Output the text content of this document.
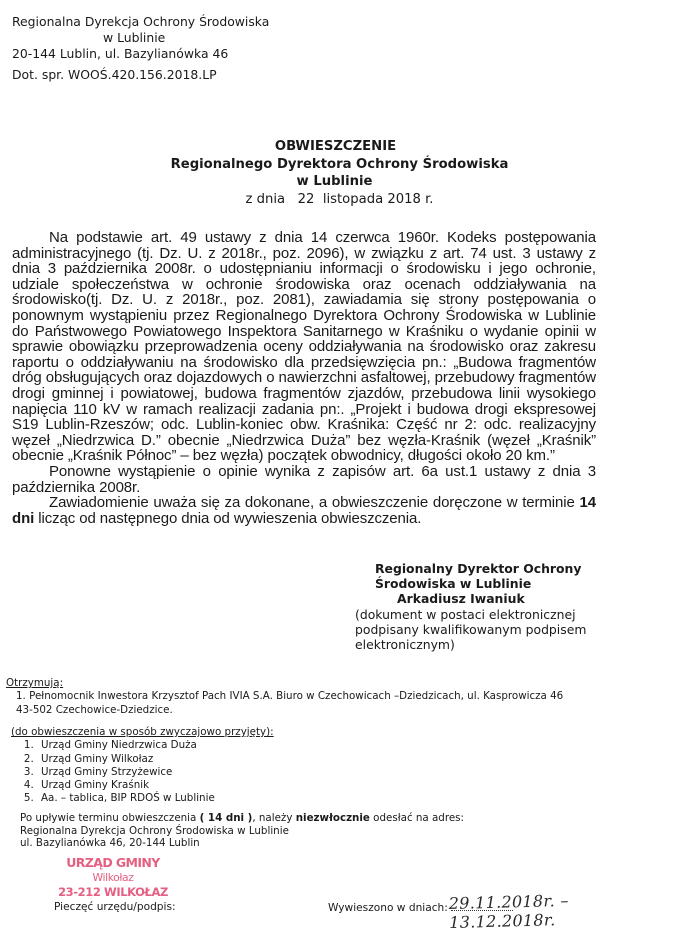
Regionalna Dyrekcja Ochrony Środowiska
w Lublinie
20-144 Lublin, ul. Bazylianówka 46
Dot. spr. WOOŚ.420.156.2018.LP
OBWIESZCZENIE
Regionalnego Dyrektora Ochrony Środowiska
w Lublinie
z dnia   22  listopada 2018 r.

Na podstawie art. 49 ustawy z dnia 14 czerwca 1960r. Kodeks postępowania administracyjnego (tj. Dz. U. z 2018r., poz. 2096), w związku z art. 74 ust. 3 ustawy z dnia 3 października 2008r. o udostępnianiu informacji o środowisku i jego ochronie, udziale społeczeństwa w ochronie środowiska oraz ocenach oddziaływania na środowisko(tj. Dz. U. z 2018r., poz. 2081), zawiadamia się strony postępowania o ponownym wystąpieniu przez Regionalnego Dyrektora Ochrony Środowiska w Lublinie do Państwowego Powiatowego Inspektora Sanitarnego w Kraśniku o wydanie opinii w sprawie obowiązku przeprowadzenia oceny oddziaływania na środowisko oraz zakresu raportu o oddziaływaniu na środowisko dla przedsięwzięcia pn.: „Budowa fragmentów dróg obsługujących oraz dojazdowych o nawierzchni asfaltowej, przebudowy fragmentów drogi gminnej i powiatowej, budowa fragmentów zjazdów, przebudowa linii wysokiego napięcia 110 kV w ramach realizacji zadania pn:. „Projekt i budowa drogi ekspresowej S19 Lublin-Rzeszów; odc. Lublin-koniec obw. Kraśnika: Część nr 2: odc. realizacyjny węzeł „Niedrzwica D.” obecnie „Niedrzwica Duża” bez węzła-Kraśnik (węzeł „Kraśnik” obecnie „Kraśnik Północ” – bez węzła) początek obwodnicy, długości około 20 km.”

Ponowne wystąpienie o opinie wynika z zapisów art. 6a ust.1 ustawy z dnia 3 października 2008r.

Zawiadomienie uważa się za dokonane, a obwieszczenie doręczone w terminie 14 dni licząc od następnego dnia od wywieszenia obwieszczenia.

Regionalny Dyrektor Ochrony
Środowiska w Lublinie
Arkadiusz Iwaniuk
(dokument w postaci elektronicznej
podpisany kwalifikowanym podpisem
elektronicznym)
Otrzymują:
1. Pełnomocnik Inwestora Krzysztof Pach IVIA S.A. Biuro w Czechowicach –Dziedzicach, ul. Kasprowicza 46
43-502 Czechowice-Dziedzice.
(do obwieszczenia w sposób zwyczajowo przyjęty):
1. Urząd Gminy Niedrzwica Duża
2. Urząd Gminy Wilkołaz
3. Urząd Gminy Strzyżewice
4. Urząd Gminy Kraśnik
5. Aa. – tablica, BIP RDOŚ w Lublinie
Po upływie terminu obwieszczenia ( 14 dni ), należy niezwłocznie odesłać na adres:
Regionalna Dyrekcja Ochrony Środowiska w Lublinie
ul. Bazylianówka 46, 20-144 Lublin
URZĄD GMINY
Wilkołaz
23-212 WILKOŁAZ
Pieczęć urzędu/podpis:	Wywieszono w dniach: 29.11.2018r. – 13.12.2018r.
